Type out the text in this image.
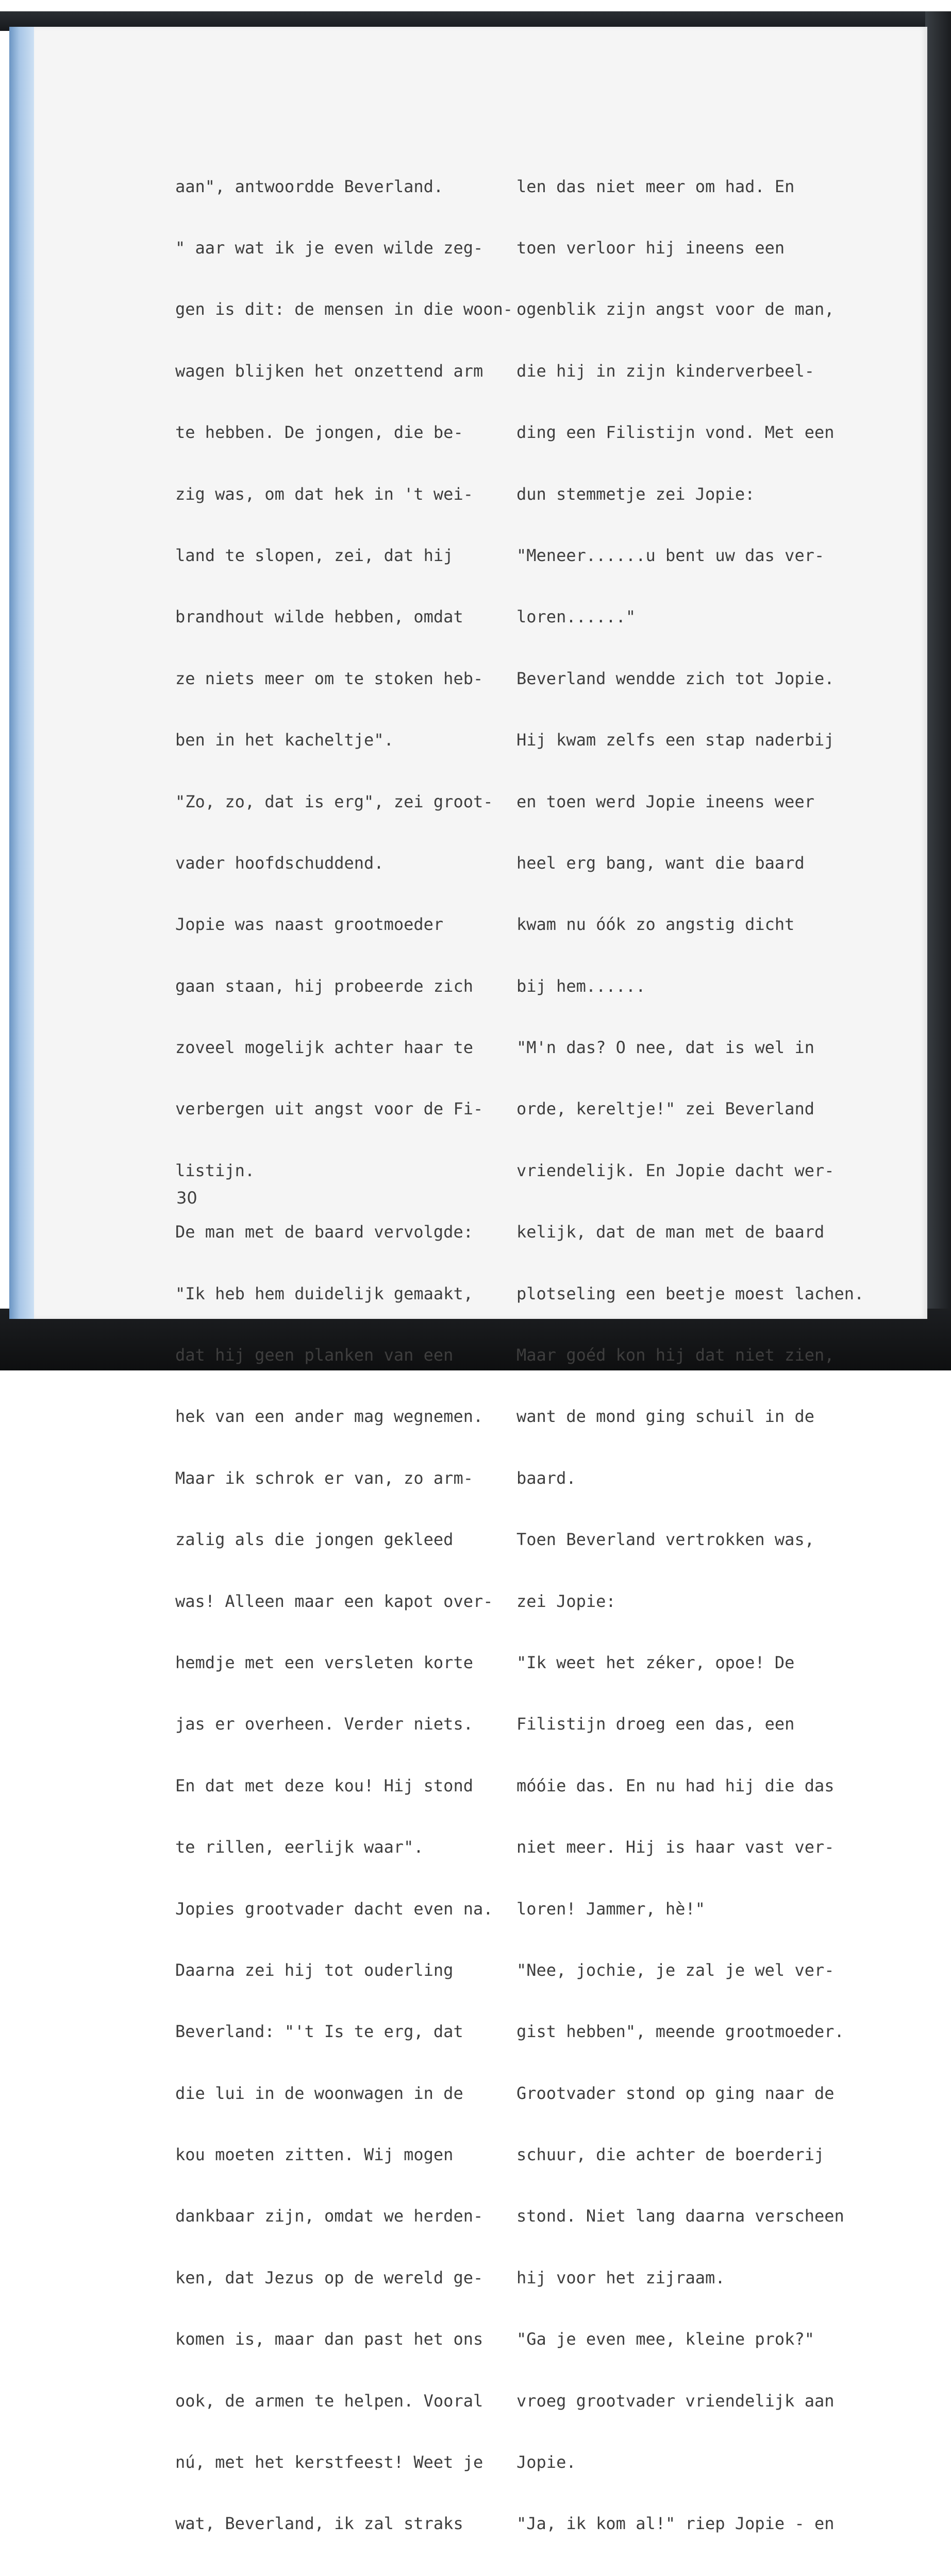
aan", antwoordde Beverland.

" aar wat ik je even wilde zeg-

gen is dit: de mensen in die woon-

wagen blijken het onzettend arm

te hebben. De jongen, die be-

zig was, om dat hek in 't wei-

land te slopen, zei, dat hij

brandhout wilde hebben, omdat

ze niets meer om te stoken heb-

ben in het kacheltje".

"Zo, zo, dat is erg", zei groot-

vader hoofdschuddend.

Jopie was naast grootmoeder

gaan staan, hij probeerde zich

zoveel mogelijk achter haar te

verbergen uit angst voor de Fi-

listijn.

De man met de baard vervolgde:

"Ik heb hem duidelijk gemaakt,

dat hij geen planken van een

hek van een ander mag wegnemen.

Maar ik schrok er van, zo arm-

zalig als die jongen gekleed

was! Alleen maar een kapot over-

hemdje met een versleten korte

jas er overheen. Verder niets.

En dat met deze kou! Hij stond

te rillen, eerlijk waar".

Jopies grootvader dacht even na.

Daarna zei hij tot ouderling

Beverland: "'t Is te erg, dat

die lui in de woonwagen in de

kou moeten zitten. Wij mogen

dankbaar zijn, omdat we herden-

ken, dat Jezus op de wereld ge-

komen is, maar dan past het ons

ook, de armen te helpen. Vooral

nú, met het kerstfeest! Weet je

wat, Beverland, ik zal straks

len das niet meer om had. En

toen verloor hij ineens een

ogenblik zijn angst voor de man,

die hij in zijn kinderverbeel-

ding een Filistijn vond. Met een

dun stemmetje zei Jopie:

"Meneer......u bent uw das ver-

loren......"

Beverland wendde zich tot Jopie.

Hij kwam zelfs een stap naderbij

en toen werd Jopie ineens weer

heel erg bang, want die baard

kwam nu óók zo angstig dicht

bij hem......

"M'n das? O nee, dat is wel in

orde, kereltje!" zei Beverland

vriendelijk. En Jopie dacht wer-

kelijk, dat de man met de baard

plotseling een beetje moest lachen.

Maar goéd kon hij dat niet zien,

want de mond ging schuil in de

baard.

Toen Beverland vertrokken was,

zei Jopie:

"Ik weet het zéker, opoe! De

Filistijn droeg een das, een

móóie das. En nu had hij die das

niet meer. Hij is haar vast ver-

loren! Jammer, hè!"

"Nee, jochie, je zal je wel ver-

gist hebben", meende grootmoeder.

Grootvader stond op ging naar de

schuur, die achter de boerderij

stond. Niet lang daarna verscheen

hij voor het zijraam.

"Ga je even mee, kleine prok?"

vroeg grootvader vriendelijk aan

Jopie.

"Ja, ik kom al!" riep Jopie - en

30
